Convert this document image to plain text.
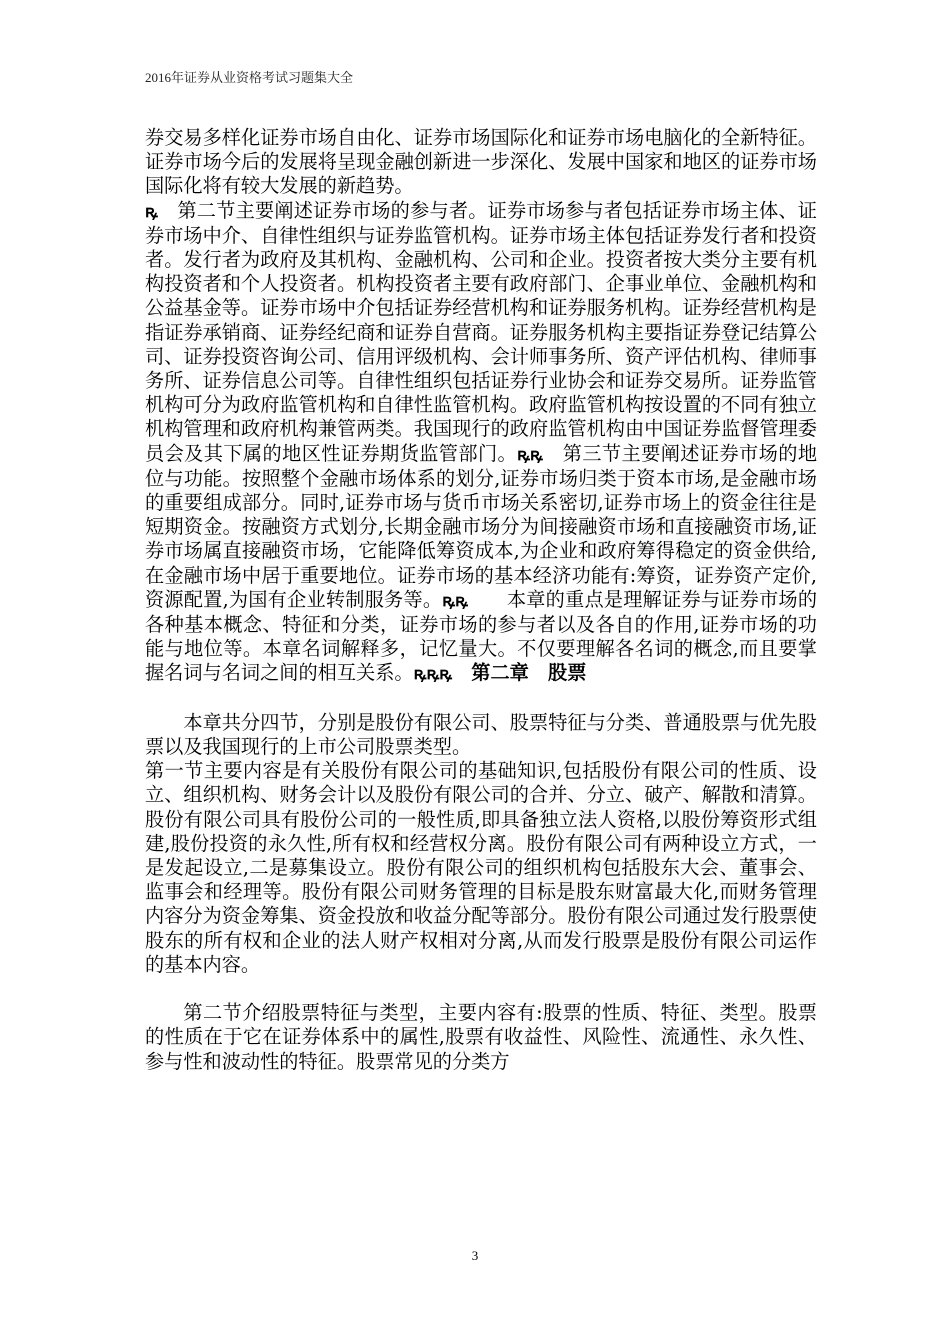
2016年证券从业资格考试习题集大全

券交易多样化证券市场自由化、证券市场国际化和证券市场电脑化的全新特征。证券市场今后的发展将呈现金融创新进一步深化、发展中国家和地区的证券市场国际化将有较大发展的新趋势。

ꝶ　第二节主要阐述证券市场的参与者。证券市场参与者包括证券市场主体、证券市场中介、自律性组织与证券监管机构。证券市场主体包括证券发行者和投资者。发行者为政府及其机构、金融机构、公司和企业。投资者按大类分主要有机构投资者和个人投资者。机构投资者主要有政府部门、企事业单位、金融机构和公益基金等。证券市场中介包括证券经营机构和证券服务机构。证券经营机构是指证券承销商、证券经纪商和证券自营商。证券服务机构主要指证券登记结算公司、证券投资咨询公司、信用评级机构、会计师事务所、资产评估机构、律师事务所、证券信息公司等。自律性组织包括证券行业协会和证券交易所。证券监管机构可分为政府监管机构和自律性监管机构。政府监管机构按设置的不同有独立机构管理和政府机构兼管两类。我国现行的政府监管机构由中国证券监督管理委员会及其下属的地区性证券期货监管部门。ꝶꝶ　第三节主要阐述证券市场的地位与功能。按照整个金融市场体系的划分,证券市场归类于资本市场,是金融市场的重要组成部分。同时,证券市场与货币市场关系密切,证券市场上的资金往往是短期资金。按融资方式划分,长期金融市场分为间接融资市场和直接融资市场,证券市场属直接融资市场，它能降低筹资成本,为企业和政府筹得稳定的资金供给,在金融市场中居于重要地位。证券市场的基本经济功能有:筹资，证券资产定价,资源配置,为国有企业转制服务等。ꝶꝶ　　本章的重点是理解证券与证券市场的各种基本概念、特征和分类，证券市场的参与者以及各自的作用,证券市场的功能与地位等。本章名词解释多，记忆量大。不仅要理解各名词的概念,而且要掌握名词与名词之间的相互关系。ꝶꝶꝶ　第二章　股票

本章共分四节，分别是股份有限公司、股票特征与分类、普通股票与优先股票以及我国现行的上市公司股票类型。

第一节主要内容是有关股份有限公司的基础知识,包括股份有限公司的性质、设立、组织机构、财务会计以及股份有限公司的合并、分立、破产、解散和清算。股份有限公司具有股份公司的一般性质,即具备独立法人资格,以股份筹资形式组建,股份投资的永久性,所有权和经营权分离。股份有限公司有两种设立方式，一是发起设立,二是募集设立。股份有限公司的组织机构包括股东大会、董事会、监事会和经理等。股份有限公司财务管理的目标是股东财富最大化,而财务管理内容分为资金筹集、资金投放和收益分配等部分。股份有限公司通过发行股票使股东的所有权和企业的法人财产权相对分离,从而发行股票是股份有限公司运作的基本内容。

第二节介绍股票特征与类型，主要内容有:股票的性质、特征、类型。股票的性质在于它在证券体系中的属性,股票有收益性、风险性、流通性、永久性、参与性和波动性的特征。股票常见的分类方

3
